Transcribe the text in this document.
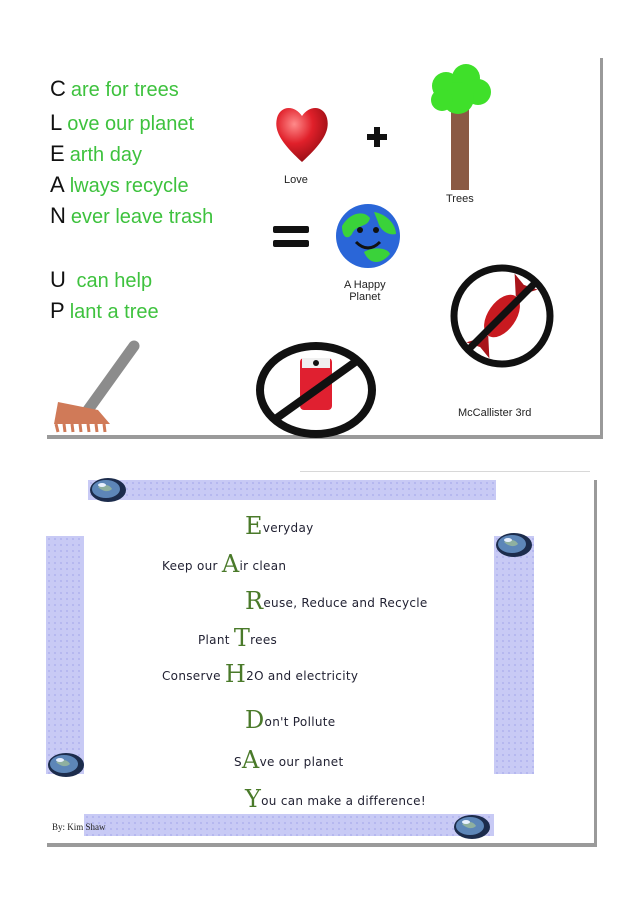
C are for trees
L ove our planet
E arth day
A lways recycle
N ever leave trash
U can help
P lant a tree
Love
Trees
A Happy
Planet
McCallister 3rd
Everyday
Keep our Air clean
Reuse, Reduce and Recycle
Plant Trees
Conserve H2O and electricity
Don't Pollute
SAve our planet
You can make a difference!
By: Kim Shaw
